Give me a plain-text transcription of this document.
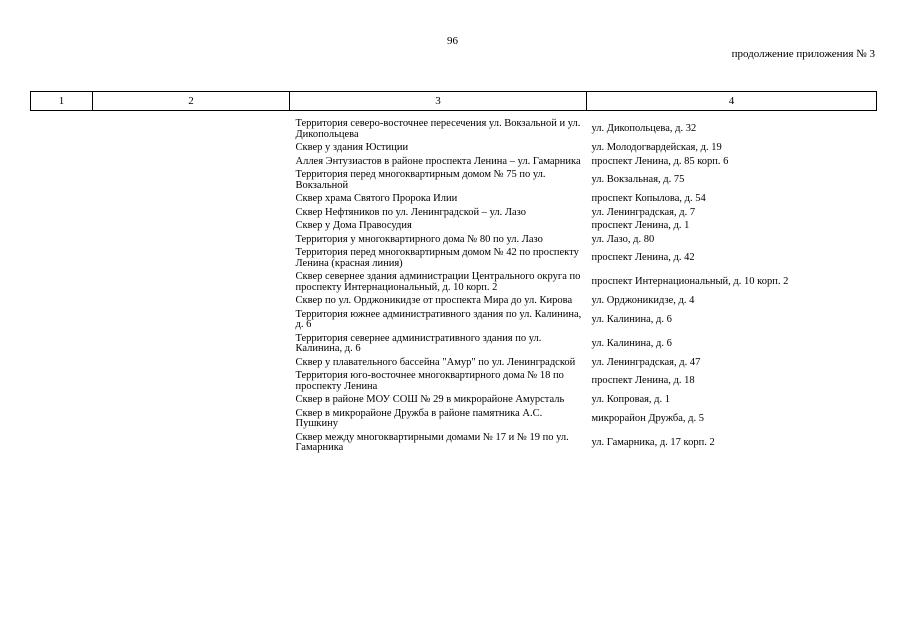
96
продолжение приложения № 3
1	2	3	4

		Территория северо-восточнее пересечения ул. Вокзальной и ул. Дикопольцева	ул. Дикопольцева, д. 32
		Сквер у здания Юстиции	ул. Молодогвардейская, д. 19
		Аллея Энтузиастов в районе проспекта Ленина – ул. Гамарника	проспект Ленина, д. 85 корп. 6
		Территория перед многоквартирным домом № 75 по ул. Вокзальной	ул. Вокзальная, д. 75
		Сквер храма Святого Пророка Илии	проспект Копылова, д. 54
		Сквер Нефтяников по ул. Ленинградской – ул. Лазо	ул. Ленинградская, д. 7
		Сквер у Дома Правосудия	проспект Ленина, д. 1
		Территория у многоквартирного дома № 80 по ул. Лазо	ул. Лазо, д. 80
		Территория перед многоквартирным домом № 42 по проспекту Ленина (красная линия)	проспект Ленина, д. 42
		Сквер севернее здания администрации Центрального округа по проспекту Интернациональный, д. 10 корп. 2	проспект Интернациональный, д. 10 корп. 2
		Сквер по ул. Орджоникидзе от проспекта Мира до ул. Кирова	ул. Орджоникидзе, д. 4
		Территория южнее административного здания по ул. Калинина, д. 6	ул. Калинина, д. 6
		Территория севернее административного здания по ул. Калинина, д. 6	ул. Калинина, д. 6
		Сквер у плавательного бассейна "Амур" по ул. Ленинградской	ул. Ленинградская, д. 47
		Территория юго-восточнее многоквартирного дома № 18 по проспекту Ленина	проспект Ленина, д. 18
		Сквер в районе МОУ СОШ № 29 в микрорайоне Амурсталь	ул. Копровая, д. 1
		Сквер в микрорайоне Дружба в районе памятника А.С. Пушкину	микрорайон Дружба, д. 5
		Сквер между многоквартирными домами № 17 и № 19 по ул. Гамарника	ул. Гамарника, д. 17 корп. 2
